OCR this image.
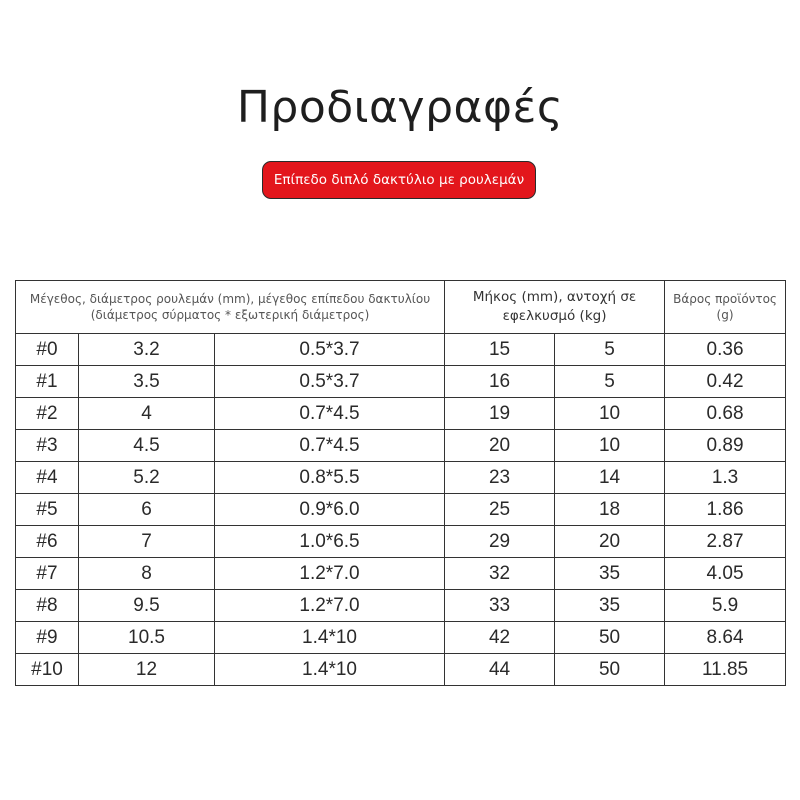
Προδιαγραφές
Επίπεδο διπλό δακτύλιο με ρουλεμάν
Μέγεθος, διάμετρος ρουλεμάν (mm), μέγεθος επίπεδου δακτυλίου (διάμετρος σύρματος * εξωτερική διάμετρος)			Μήκος (mm), αντοχή σε εφελκυσμό (kg)		Βάρος προϊόντος (g)

#0	3.2	0.5*3.7	15	5	0.36
#1	3.5	0.5*3.7	16	5	0.42
#2	4	0.7*4.5	19	10	0.68
#3	4.5	0.7*4.5	20	10	0.89
#4	5.2	0.8*5.5	23	14	1.3
#5	6	0.9*6.0	25	18	1.86
#6	7	1.0*6.5	29	20	2.87
#7	8	1.2*7.0	32	35	4.05
#8	9.5	1.2*7.0	33	35	5.9
#9	10.5	1.4*10	42	50	8.64
#10	12	1.4*10	44	50	11.85
